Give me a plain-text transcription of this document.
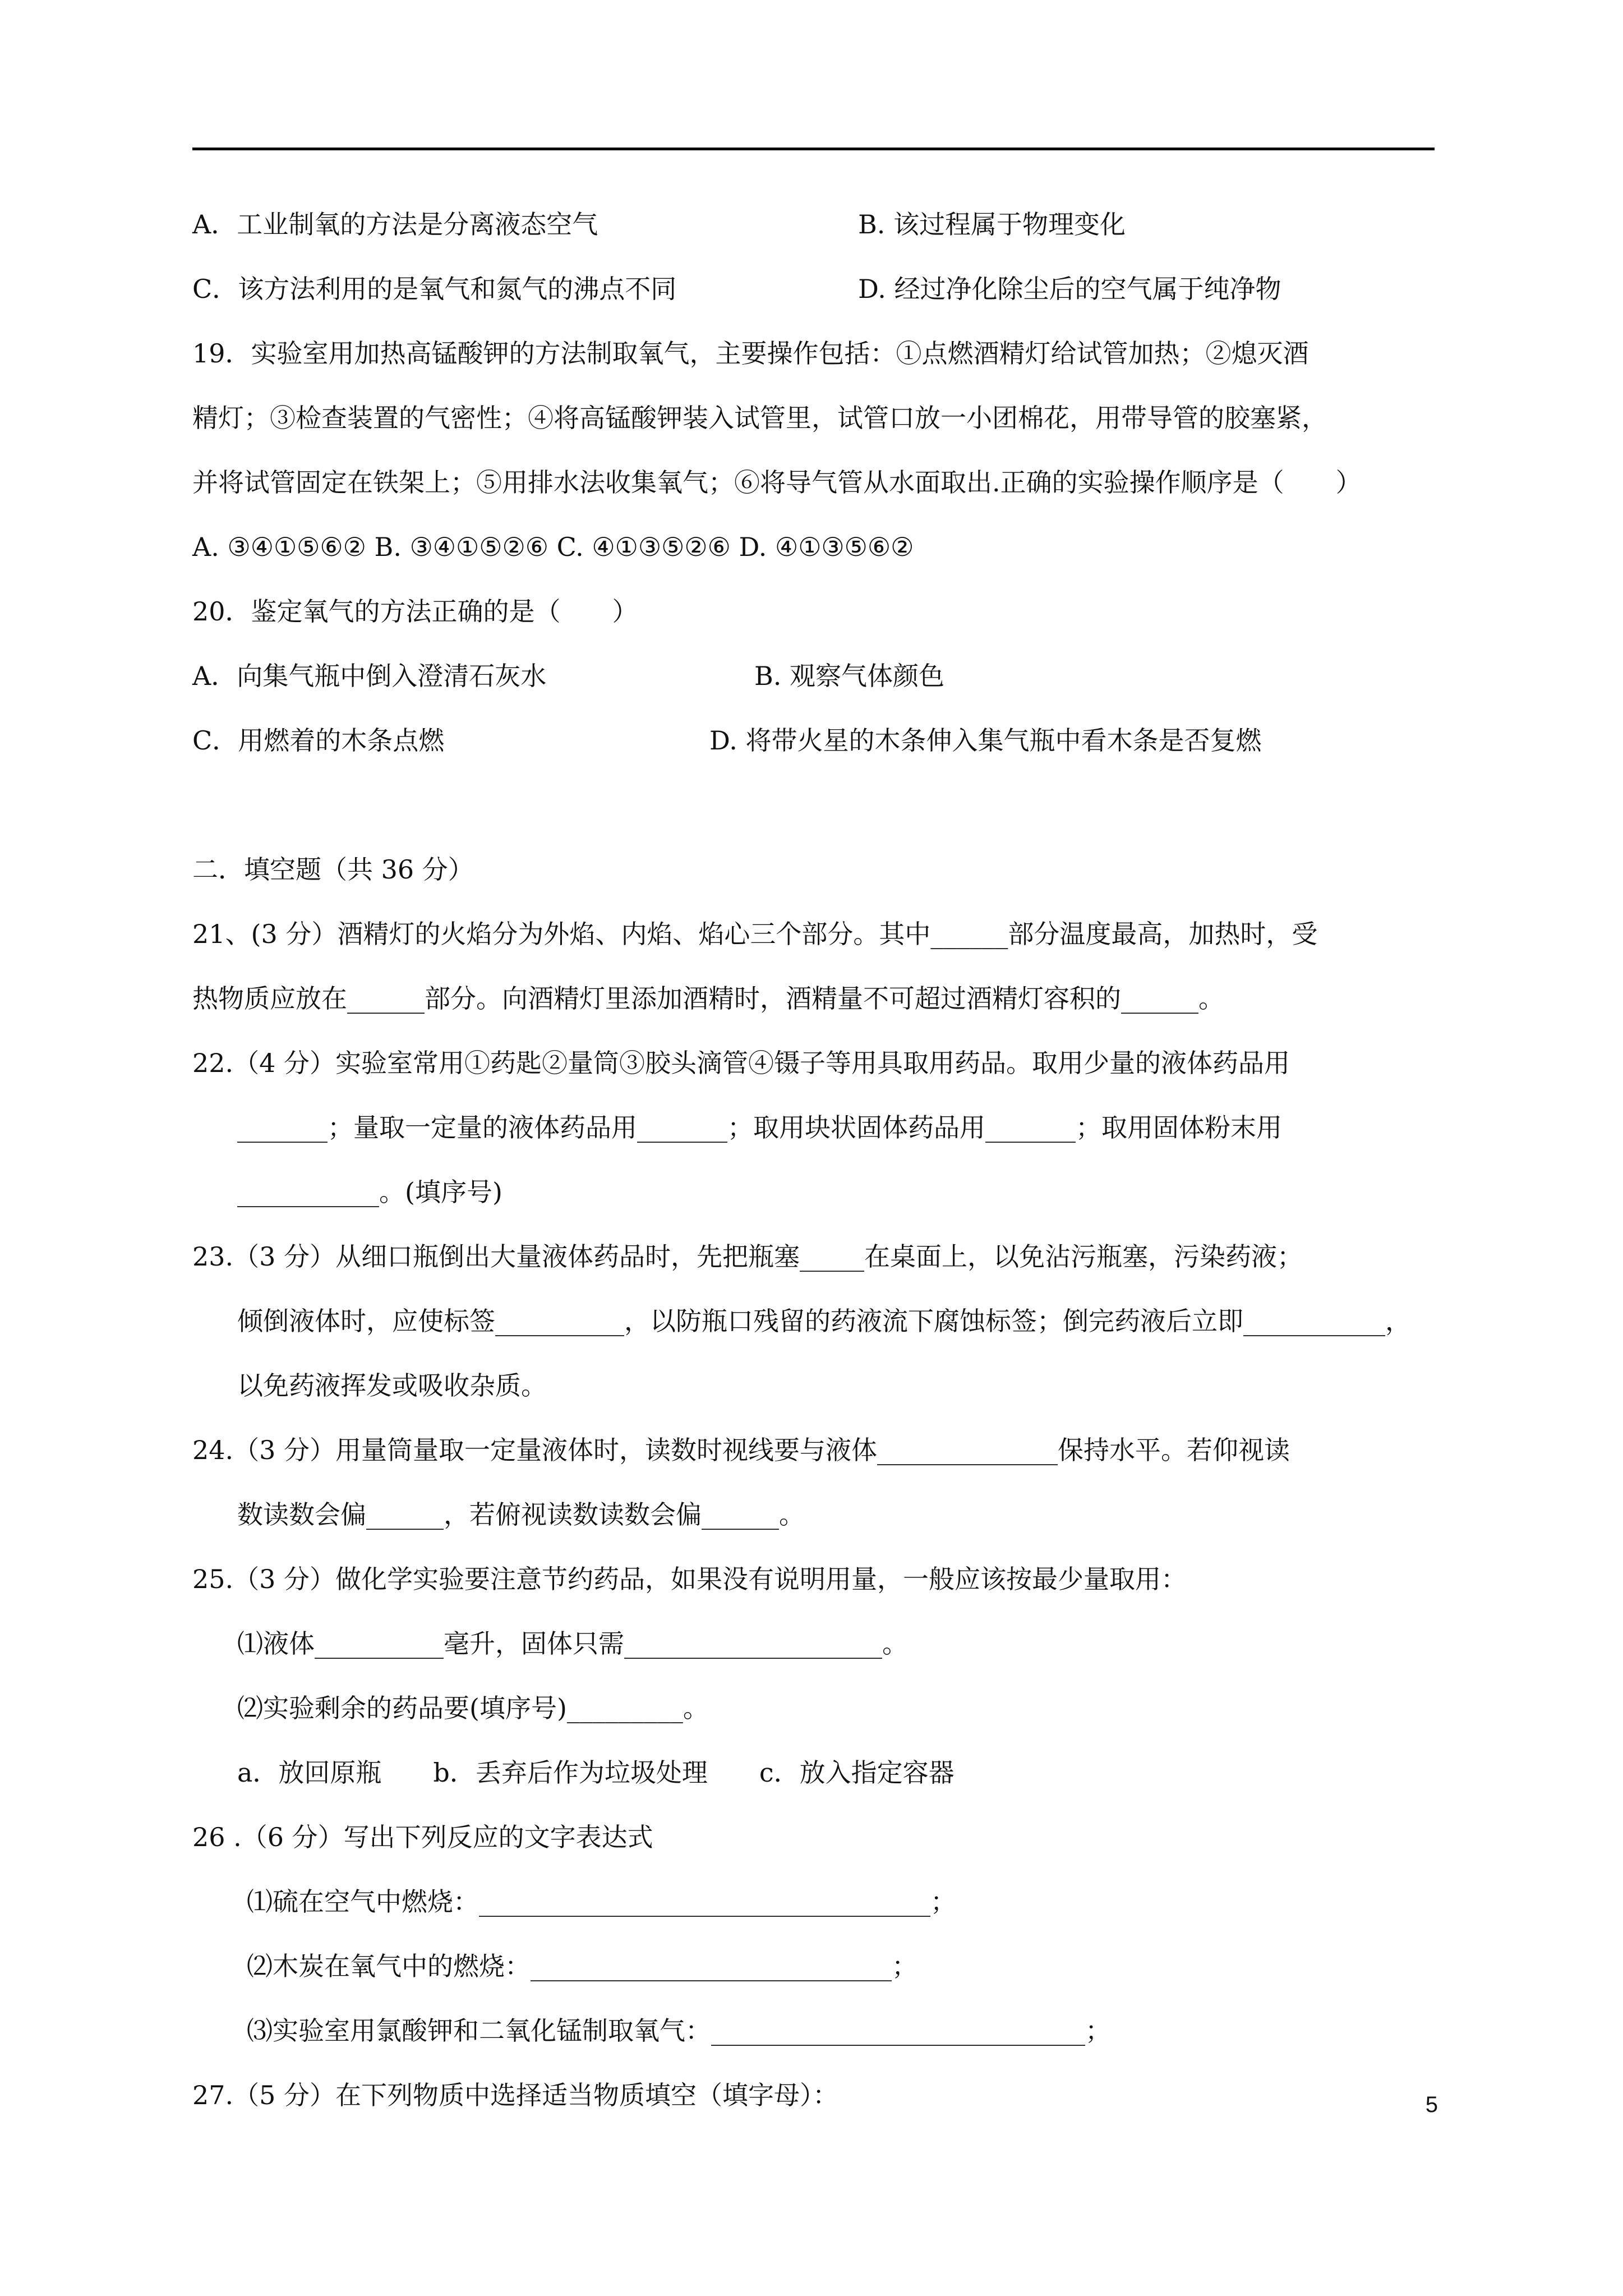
A．工业制氧的方法是分离液态空气	B. 该过程属于物理变化
C．该方法利用的是氧气和氮气的沸点不同	D. 经过净化除尘后的空气属于纯净物
19．实验室用加热高锰酸钾的方法制取氧气，主要操作包括：①点燃酒精灯给试管加热；②熄灭酒
精灯；③检查装置的气密性；④将高锰酸钾装入试管里，试管口放一小团棉花，用带导管的胶塞紧，
并将试管固定在铁架上；⑤用排水法收集氧气；⑥将导气管从水面取出.正确的实验操作顺序是（　　）
A. ③④①⑤⑥② B. ③④①⑤②⑥ C. ④①③⑤②⑥ D. ④①③⑤⑥②
20．鉴定氧气的方法正确的是（　　）
A．向集气瓶中倒入澄清石灰水	B. 观察气体颜色
C．用燃着的木条点燃	D. 将带火星的木条伸入集气瓶中看木条是否复燃
二．填空题（共 36 分）
21、(3 分）酒精灯的火焰分为外焰、内焰、焰心三个部分。其中______部分温度最高，加热时，受
热物质应放在______部分。向酒精灯里添加酒精时，酒精量不可超过酒精灯容积的______。
22.（4 分）实验室常用①药匙②量筒③胶头滴管④镊子等用具取用药品。取用少量的液体药品用
_______；量取一定量的液体药品用_______；取用块状固体药品用_______；取用固体粉末用
___________。(填序号)
23.（3 分）从细口瓶倒出大量液体药品时，先把瓶塞_____在桌面上，以免沾污瓶塞，污染药液；
倾倒液体时，应使标签__________，以防瓶口残留的药液流下腐蚀标签；倒完药液后立即___________，
以免药液挥发或吸收杂质。
24.（3 分）用量筒量取一定量液体时，读数时视线要与液体______________保持水平。若仰视读
数读数会偏______，若俯视读数读数会偏______。
25.（3 分）做化学实验要注意节约药品，如果没有说明用量，一般应该按最少量取用：
⑴液体__________毫升，固体只需____________________。
⑵实验剩余的药品要(填序号)_________。
a．放回原瓶　　b．丢弃后作为垃圾处理　　c．放入指定容器
26 .（6 分）写出下列反应的文字表达式
⑴硫在空气中燃烧：___________________________________；
⑵木炭在氧气中的燃烧：____________________________；
⑶实验室用氯酸钾和二氧化锰制取氧气：_____________________________；
27.（5 分）在下列物质中选择适当物质填空（填字母）：	5
